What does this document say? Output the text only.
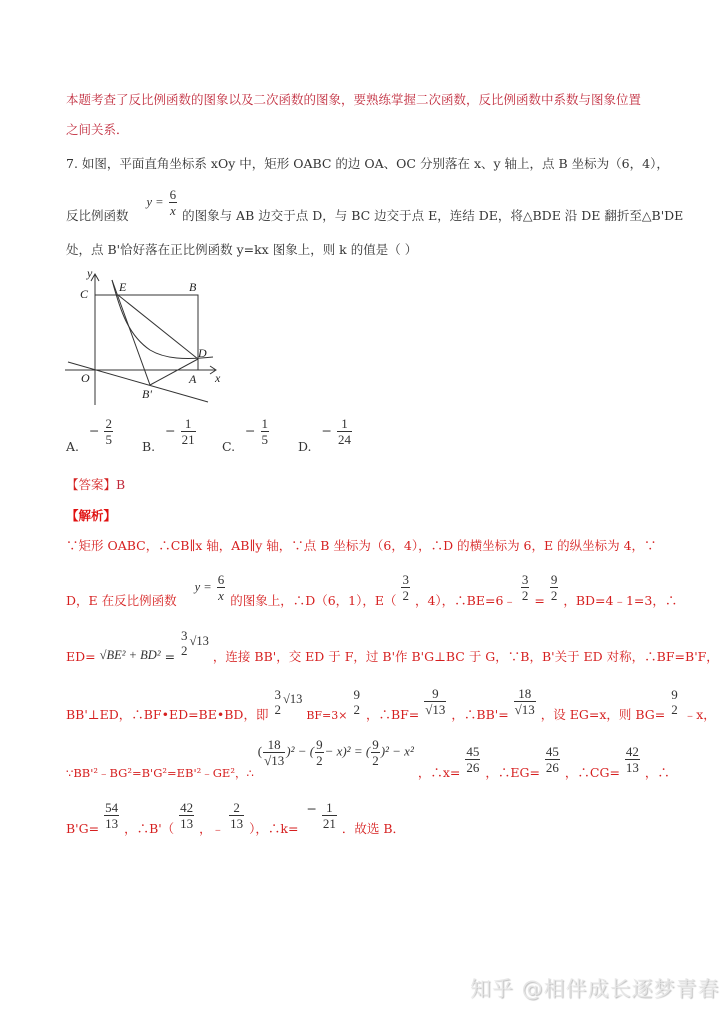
本题考查了反比例函数的图象以及二次函数的图象，要熟练掌握二次函数，反比例函数中系数与图象位置
之间关系．
7. 如图，平面直角坐标系 xOy 中，矩形 OABC 的边 OA、OC 分别落在 x、y 轴上，点 B 坐标为（6，4），
反比例函数 $y = \frac{6}{x}$ 的图象与 AB 边交于点 D，与 BC 边交于点 E，连结 DE，将△BDE 沿 DE 翻折至△B'DE
处，点 B'恰好落在正比例函数 y=kx 图象上，则 k 的值是（ ）
y
C	E	B
D
O	A x
B'
A. − $\frac{2}{5} B$. − $\frac{1}{21} C$. − $\frac{1}{5} D$. − $\frac{1}{24}$
【答案】B
【解析】
∵矩形 OABC，∴CB∥x 轴，AB∥y 轴，∵点 B 坐标为（6，4），∴D 的横坐标为 6，E 的纵坐标为 4，∵
D，E 在反比例函数 $y = \frac{6}{x}$ 的图象上，∴D（6，1），$E( \frac{3}{2}$ ，4），∴BE=6﹣ $\frac{3}{2} = \frac{9}{2}$ ，BD=4﹣1=3，∴
ED= √BE² + BD² =
3
2
√13 ，连接 BB'，交 ED 于 F，过 B'作 B'G⊥BC 于 G，∵B，B'关于 ED 对称，∴BF=B'F，
BB'⊥ED，∴BF•ED=BE•BD，即
3
2
√13 BF=3×
9
2 ，∴BF= $\frac{9}{√13}$ ，∴BB'= $\frac{18}{√13}$ ，设 EG=x，则 BG=
9
2 ﹣x，
∵BB'²﹣BG²=B'G²=EB'²﹣GE²，∴ ( $\frac{18}{√13} )^2$ − ( $\frac{9}{2} - x)^2$ = ( $\frac{9}{2} )^2 - x^2$ ，∴x= $\frac{45}{26}$ ，∴EG= $\frac{45}{26}$ ，∴CG= $\frac{42}{13}$ ，∴
$B'G= \frac{54}{13}$ ，∴B'（ $\frac{42}{13}$ ，﹣ $\frac{2}{13}$ ），∴k= − $\frac{1}{21}$ ．故选 B．
知乎 @相伴成长逐梦青春
